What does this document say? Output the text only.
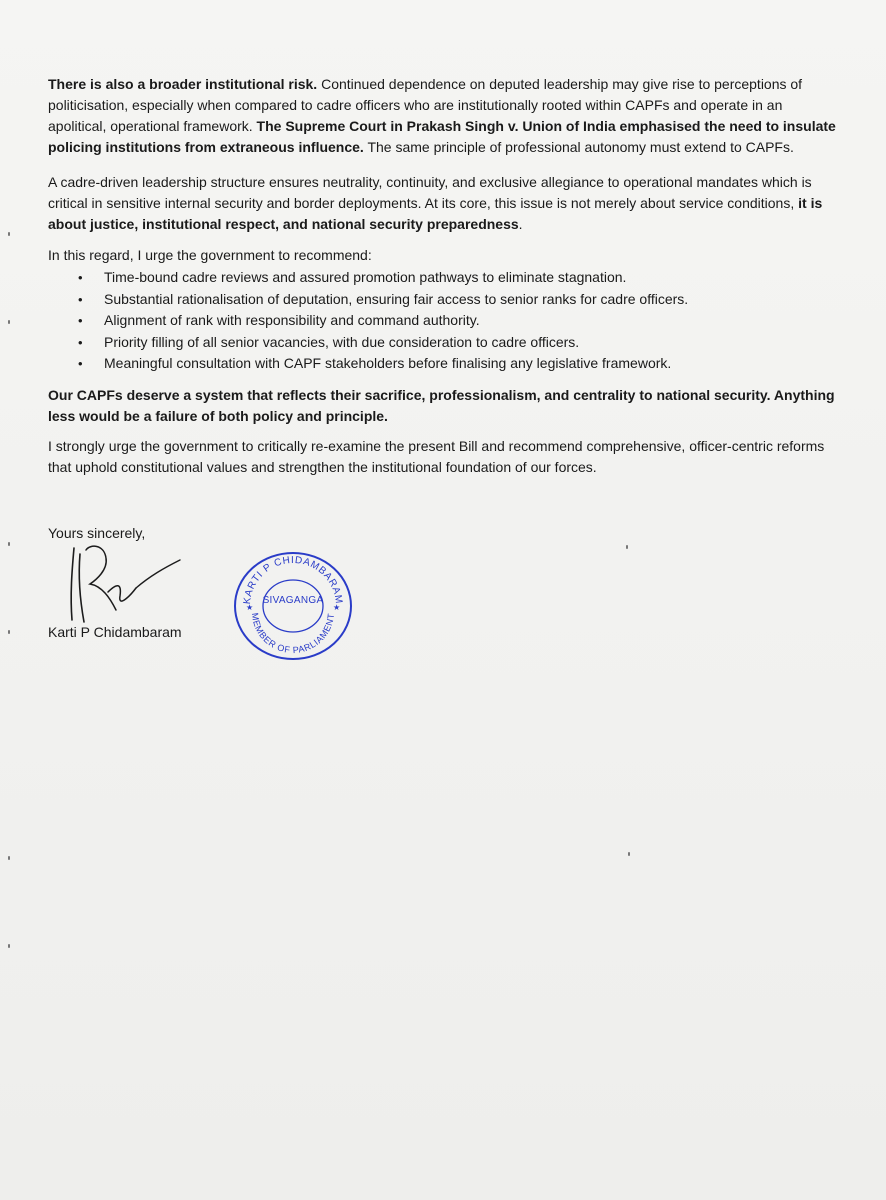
There is also a broader institutional risk. Continued dependence on deputed leadership may give rise to perceptions of politicisation, especially when compared to cadre officers who are institutionally rooted within CAPFs and operate in an apolitical, operational framework. The Supreme Court in Prakash Singh v. Union of India emphasised the need to insulate policing institutions from extraneous influence. The same principle of professional autonomy must extend to CAPFs.

A cadre-driven leadership structure ensures neutrality, continuity, and exclusive allegiance to operational mandates which is critical in sensitive internal security and border deployments. At its core, this issue is not merely about service conditions, it is about justice, institutional respect, and national security preparedness.

In this regard, I urge the government to recommend:

• Time-bound cadre reviews and assured promotion pathways to eliminate stagnation.
• Substantial rationalisation of deputation, ensuring fair access to senior ranks for cadre officers.
• Alignment of rank with responsibility and command authority.
• Priority filling of all senior vacancies, with due consideration to cadre officers.
• Meaningful consultation with CAPF stakeholders before finalising any legislative framework.

Our CAPFs deserve a system that reflects their sacrifice, professionalism, and centrality to national security. Anything less would be a failure of both policy and principle.

I strongly urge the government to critically re-examine the present Bill and recommend comprehensive, officer-centric reforms that uphold constitutional values and strengthen the institutional foundation of our forces.

Yours sincerely,
Karti P Chidambaram
KARTI P CHIDAMBARAM
MEMBER OF PARLIAMENT
★	★
SIVAGANGA
